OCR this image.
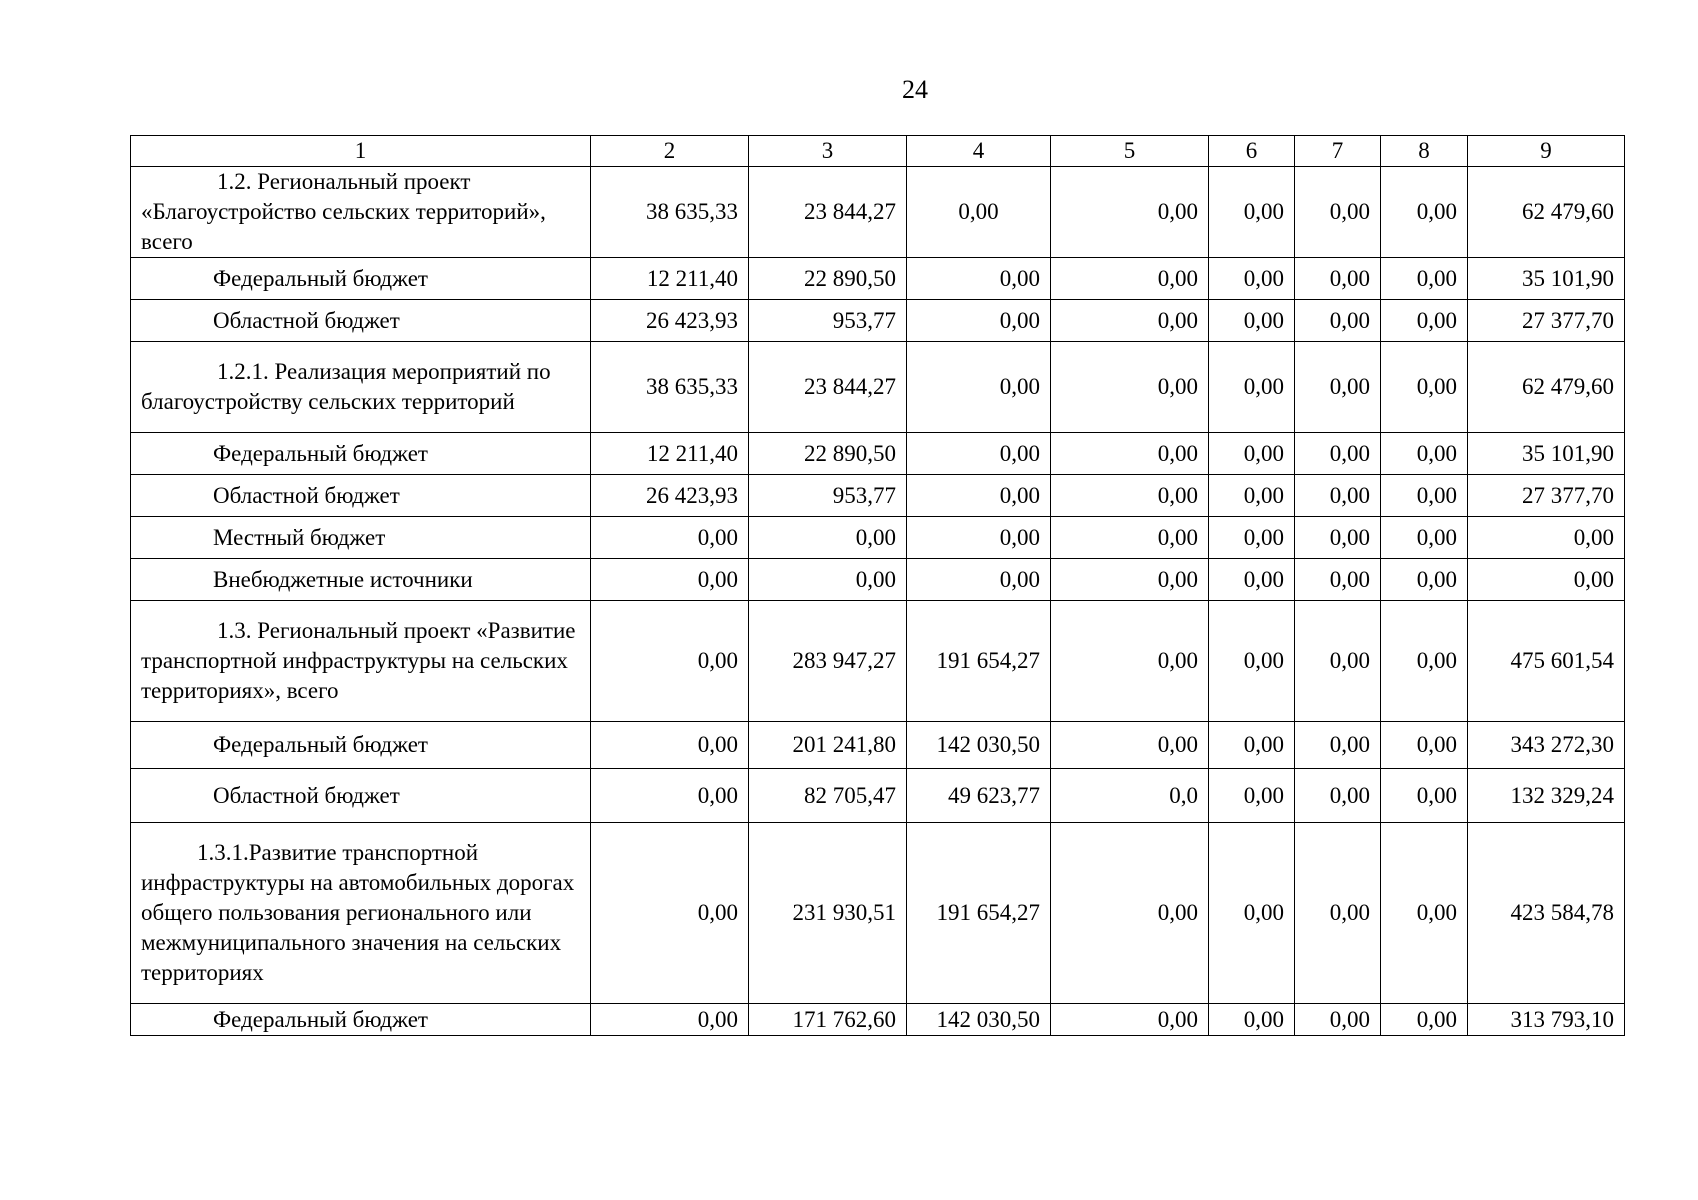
24
1	2	3	4	5	6	7	8	9
1.2. Региональный проект «Благоустройство сельских территорий», всего	38 635,33	23 844,27	0,00	0,00	0,00	0,00	0,00	62 479,60
Федеральный бюджет	12 211,40	22 890,50	0,00	0,00	0,00	0,00	0,00	35 101,90
Областной бюджет	26 423,93	953,77	0,00	0,00	0,00	0,00	0,00	27 377,70
1.2.1. Реализация мероприятий по благоустройству сельских территорий	38 635,33	23 844,27	0,00	0,00	0,00	0,00	0,00	62 479,60
Федеральный бюджет	12 211,40	22 890,50	0,00	0,00	0,00	0,00	0,00	35 101,90
Областной бюджет	26 423,93	953,77	0,00	0,00	0,00	0,00	0,00	27 377,70
Местный бюджет	0,00	0,00	0,00	0,00	0,00	0,00	0,00	0,00
Внебюджетные источники	0,00	0,00	0,00	0,00	0,00	0,00	0,00	0,00
1.3. Региональный проект «Развитие транспортной инфраструктуры на сельских территориях», всего	0,00	283 947,27	191 654,27	0,00	0,00	0,00	0,00	475 601,54
Федеральный бюджет	0,00	201 241,80	142 030,50	0,00	0,00	0,00	0,00	343 272,30
Областной бюджет	0,00	82 705,47	49 623,77	0,0	0,00	0,00	0,00	132 329,24
1.3.1.Развитие транспортной инфраструктуры на автомобильных дорогах общего пользования регионального или межмуниципального значения на сельских территориях	0,00	231 930,51	191 654,27	0,00	0,00	0,00	0,00	423 584,78
Федеральный бюджет	0,00	171 762,60	142 030,50	0,00	0,00	0,00	0,00	313 793,10
